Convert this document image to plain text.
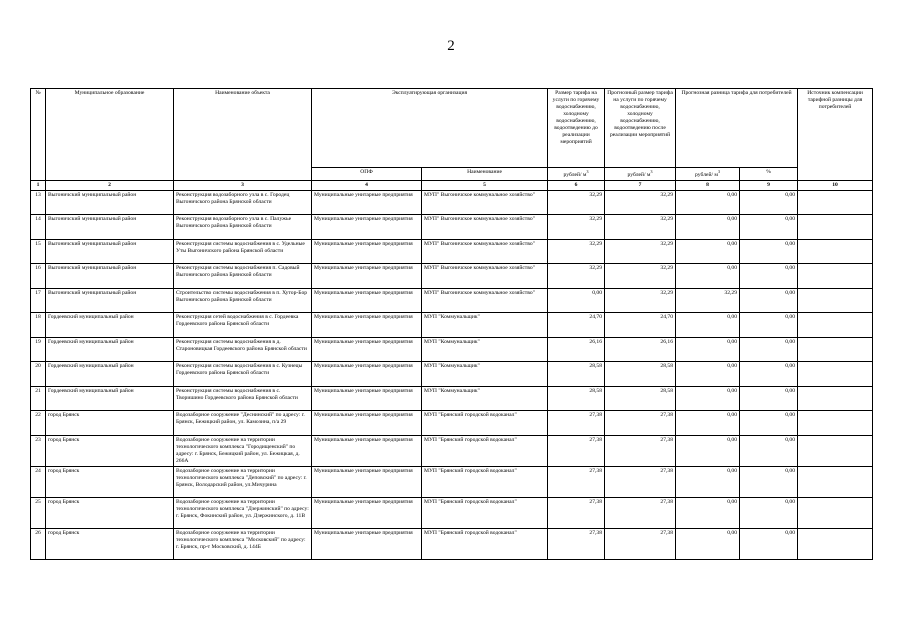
2
№	Муниципальное образование	Наименование объекта	Эксплуатирующая организация		Размер тарифа на услуги по горячему водоснабжению, холодному водоснабжению, водоотведению до реализации мероприятий	Прогнозный размер тарифа на услуги по горячему водоснабжению, холодному водоснабжению, водоотведению после реализации мероприятий	Прогнозная разница тарифа для потребителей		Источник компенсации тарифной разницы для потребителей
			ОПФ	Наименование	рублей/ $м^3$	рублей/ $м^3$	рублей/ $м^3$	%	
1	2	3	4	5	6	7	8	9	10
13	Выгоничский муниципальный район	Реконструкция водозаборного узла в с. Городец Выгоничского района Брянской области	Муниципальные унитарные предприятия	МУП" Выгоничское коммунальное хозяйство"	32,29	32,29	0,00	0,00	
14	Выгоничский муниципальный район	Реконструкция водозаборного узла в с. Палужье Выгоничского района Брянской области	Муниципальные унитарные предприятия	МУП" Выгоничское коммунальное хозяйство"	32,29	32,29	0,00	0,00	
15	Выгоничский муниципальный район	Реконструкция системы водоснабжения в с. Удельные Уты Выгоничского района Брянской области	Муниципальные унитарные предприятия	МУП" Выгоничское коммунальное хозяйство"	32,29	32,29	0,00	0,00	
16	Выгоничский муниципальный район	Реконструкция системы водоснабжения п. Садовый Выгоничского района Брянской области	Муниципальные унитарные предприятия	МУП" Выгоничское коммунальное хозяйство"	32,29	32,29	0,00	0,00	
17	Выгоничский муниципальный район	Строительство системы водоснабжения в п. Хутор-Бор Выгоничского района Брянской области	Муниципальные унитарные предприятия	МУП" Выгоничское коммунальное хозяйство"	0,00	32,29	32,29	0,00	
18	Гордеевский муниципальный район	Реконструкция сетей водоснабжения в с. Гордеевка Гордеевского района Брянской области	Муниципальные унитарные предприятия	МУП "Коммунальщик"	24,70	24,70	0,00	0,00	
19	Гордеевский муниципальный район	Реконструкция системы водоснабжения в д. Староновицкая Гордеевского района Брянской области	Муниципальные унитарные предприятия	МУП "Коммунальщик"	26,16	26,16	0,00	0,00	
20	Гордеевский муниципальный район	Реконструкция системы водоснабжения в с. Кузнецы Гордеевского района Брянской области	Муниципальные унитарные предприятия	МУП "Коммунальщик"	28,58	28,58	0,00	0,00	
21	Гордеевский муниципальный район	Реконструкция системы водоснабжения в с. Творишино Гордеевского района Брянской области	Муниципальные унитарные предприятия	МУП "Коммунальщик"	28,58	28,58	0,00	0,00	
22	город Брянск	Водозаборное сооружение "Деснинский" по адресу: г. Брянск, Бежицкий район, ул. Камозина, п/а 29	Муниципальные унитарные предприятия	МУП "Брянский городской водоканал"	27,38	27,38	0,00	0,00	
23	город Брянск	Водозаборное сооружение на территории технологического комплекса "Городищенский" по адресу: г. Брянск, Бежицкий район, ул. Бежицкая, д. 266А	Муниципальные унитарные предприятия	МУП "Брянский городской водоканал"	27,38	27,38	0,00	0,00	
24	город Брянск	Водозаборное сооружение на территории технологического комплекса "Деповский" по адресу: г. Брянск, Володарский район, ул.Мичурина	Муниципальные унитарные предприятия	МУП "Брянский городской водоканал"	27,38	27,38	0,00	0,00	
25	город Брянск	Водозаборное сооружение на территории технологического комплекса "Дзержинский" по адресу: г. Брянск, Фокинский район, ул. Дзержинского, д. 11В	Муниципальные унитарные предприятия	МУП "Брянский городской водоканал"	27,38	27,38	0,00	0,00	
26	город Брянск	Водозаборное сооружение на территории технологического комплекса "Московский" по адресу: г. Брянск, пр-т Московский, д. 144Б	Муниципальные унитарные предприятия	МУП "Брянский городской водоканал"	27,38	27,38	0,00	0,00	
